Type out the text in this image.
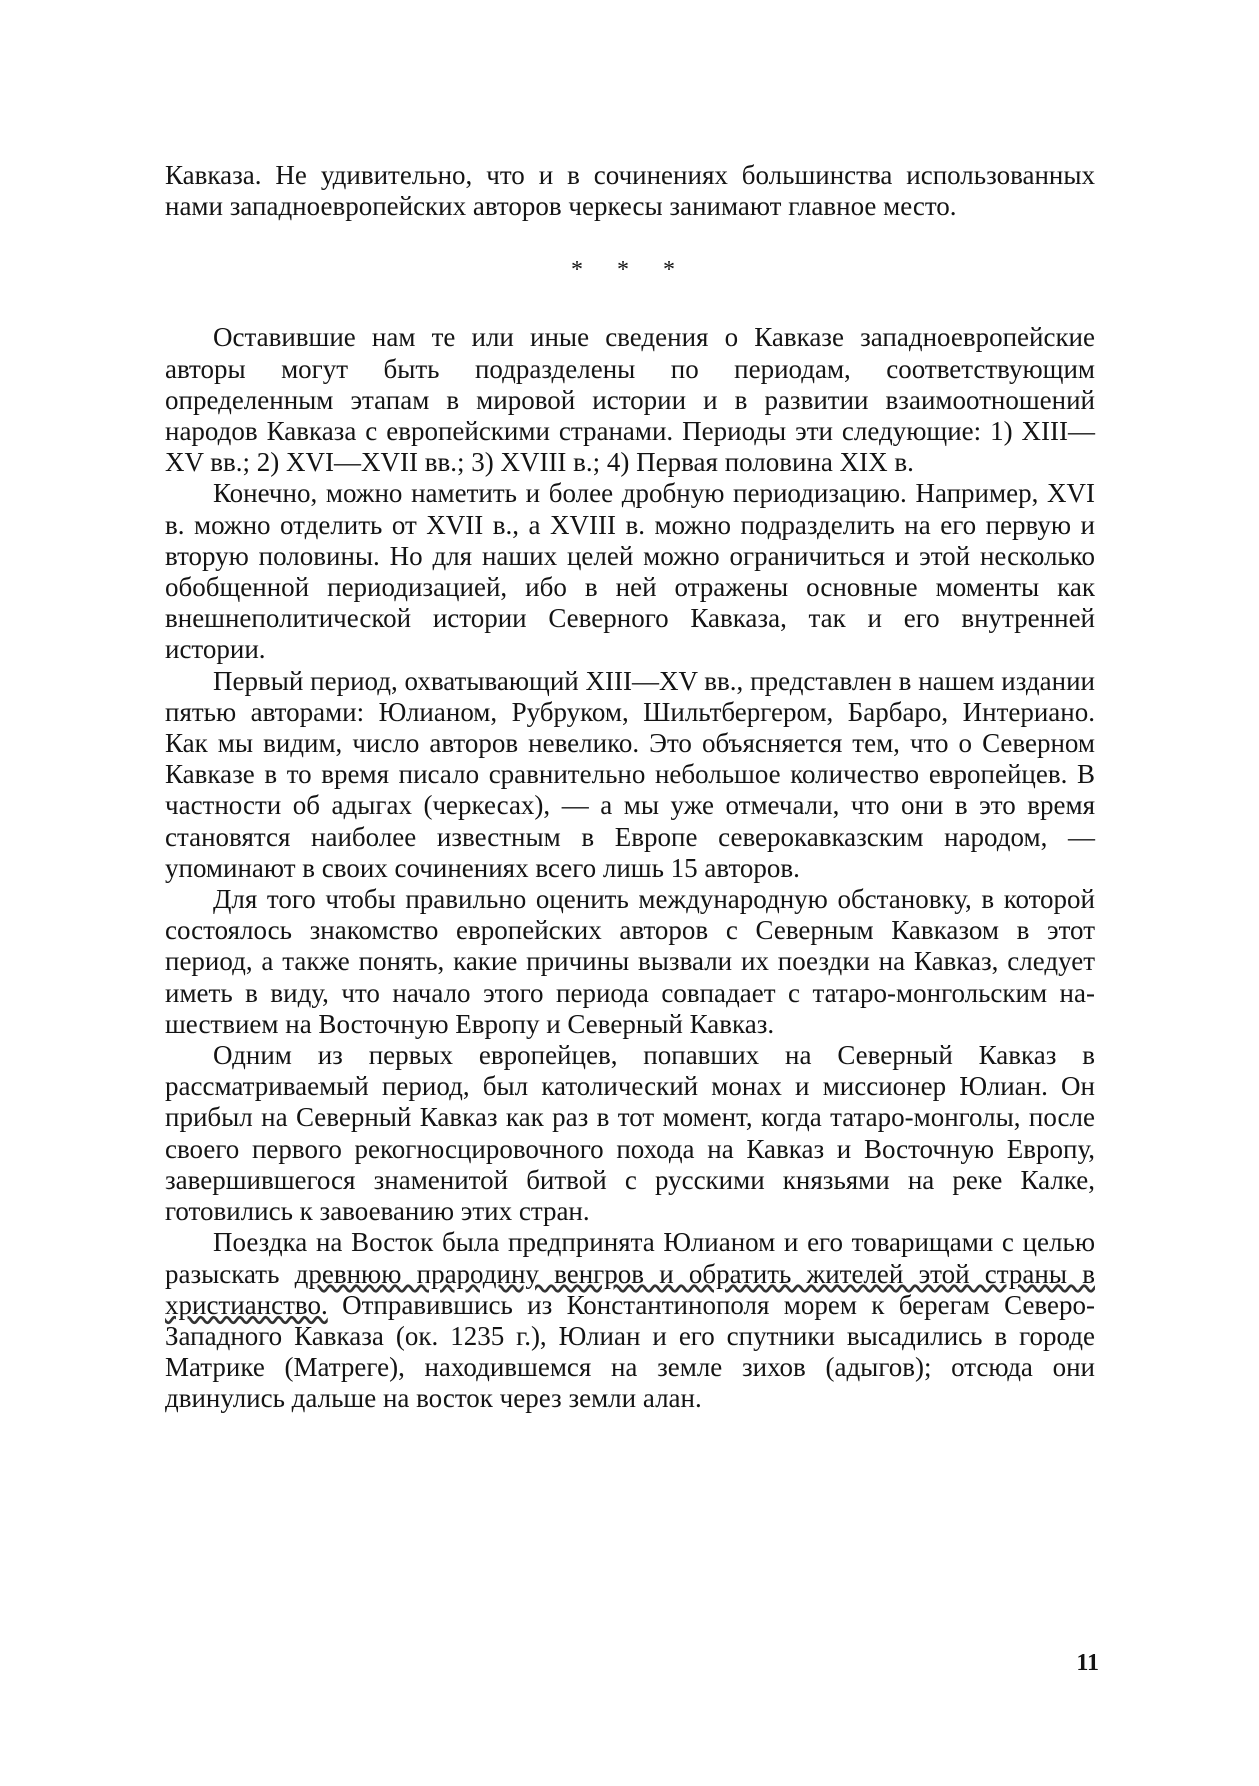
Кавказа. Не удивительно, что и в сочинениях большинства использованных нами западноевропейских авторов черкесы занимают главное место.

* * *

Оставившие нам те или иные сведения о Кавказе западноевропейские авторы могут быть подразделены по периодам, соответствующим определенным этапам в мировой истории и в развитии взаимоотношений народов Кавказа с европейскими странами. Периоды эти следующие: 1) XIII—XV вв.; 2) XVI—XVII вв.; 3) XVIII в.; 4) Первая половина XIX в.

Конечно, можно наметить и более дробную периодизацию. Например, XVI в. можно отделить от XVII в., а XVIII в. можно подразделить на его первую и вторую половины. Но для наших целей можно ограничиться и этой несколько обобщенной периодизацией, ибо в ней отражены основные моменты как внешнеполитической истории Северного Кавказа, так и его внутренней истории.

Первый период, охватывающий XIII—XV вв., представлен в нашем издании пятью авторами: Юлианом, Рубруком, Шильтбергером, Барбаро, Интериано. Как мы видим, число авторов невелико. Это объясняется тем, что о Северном Кавказе в то время писало сравнительно небольшое количество европейцев. В частности об адыгах (черкесах), — а мы уже отмечали, что они в это время становятся наиболее известным в Европе северокавказским народом, — упоминают в своих сочинениях всего лишь 15 авторов.

Для того чтобы правильно оценить международную обстановку, в которой состоялось знакомство европейских авторов с Северным Кавказом в этот период, а также понять, какие причины вызвали их поездки на Кавказ, следует иметь в виду, что начало этого периода совпадает с татаро-монгольским нашествием на Восточную Европу и Северный Кавказ.

Одним из первых европейцев, попавших на Северный Кавказ в рассматриваемый период, был католический монах и миссионер Юлиан. Он прибыл на Северный Кавказ как раз в тот момент, когда татаро-монголы, после своего первого рекогносцировочного похода на Кавказ и Восточную Европу, завершившегося знаменитой битвой с русскими князьями на реке Калке, готовились к завоеванию этих стран.

Поездка на Восток была предпринята Юлианом и его товарищами с целью разыскать древнюю прародину венгров и обратить жителей этой страны в христианство. Отправившись из Константинополя морем к берегам Северо-Западного Кавказа (ок. 1235 г.), Юлиан и его спутники высадились в городе Матрике (Матреге), находившемся на земле зихов (адыгов); отсюда они двинулись дальше на восток через земли алан.

11
